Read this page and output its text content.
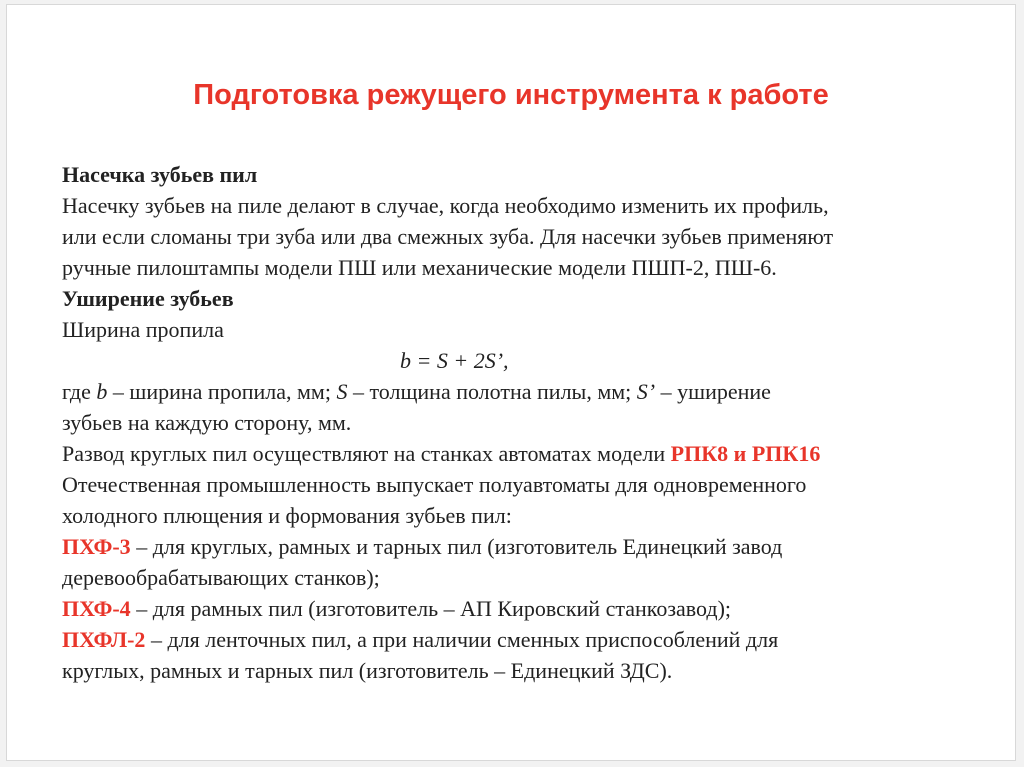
Подготовка режущего инструмента к работе
Насечка зубьев пил
Насечку зубьев на пиле делают в случае, когда необходимо изменить их профиль,
или если сломаны три зуба или два смежных зуба. Для насечки зубьев применяют
ручные пилоштампы модели ПШ или механические модели ПШП-2, ПШ-6.
Уширение зубьев
Ширина пропила
b = S + 2S’,
где b – ширина пропила, мм; S – толщина полотна пилы, мм; S’ – уширение
зубьев на каждую сторону, мм.
Развод круглых пил осуществляют на станках автоматах модели РПК8 и РПК16
Отечественная промышленность выпускает полуавтоматы для одновременного
холодного плющения и формования зубьев пил:
ПХФ-3 – для круглых, рамных и тарных пил (изготовитель Единецкий завод
деревообрабатывающих станков);
ПХФ-4 – для рамных пил (изготовитель – АП Кировский станкозавод);
ПХФЛ-2 – для ленточных пил, а при наличии сменных приспособлений для
круглых, рамных и тарных пил (изготовитель – Единецкий ЗДС).
